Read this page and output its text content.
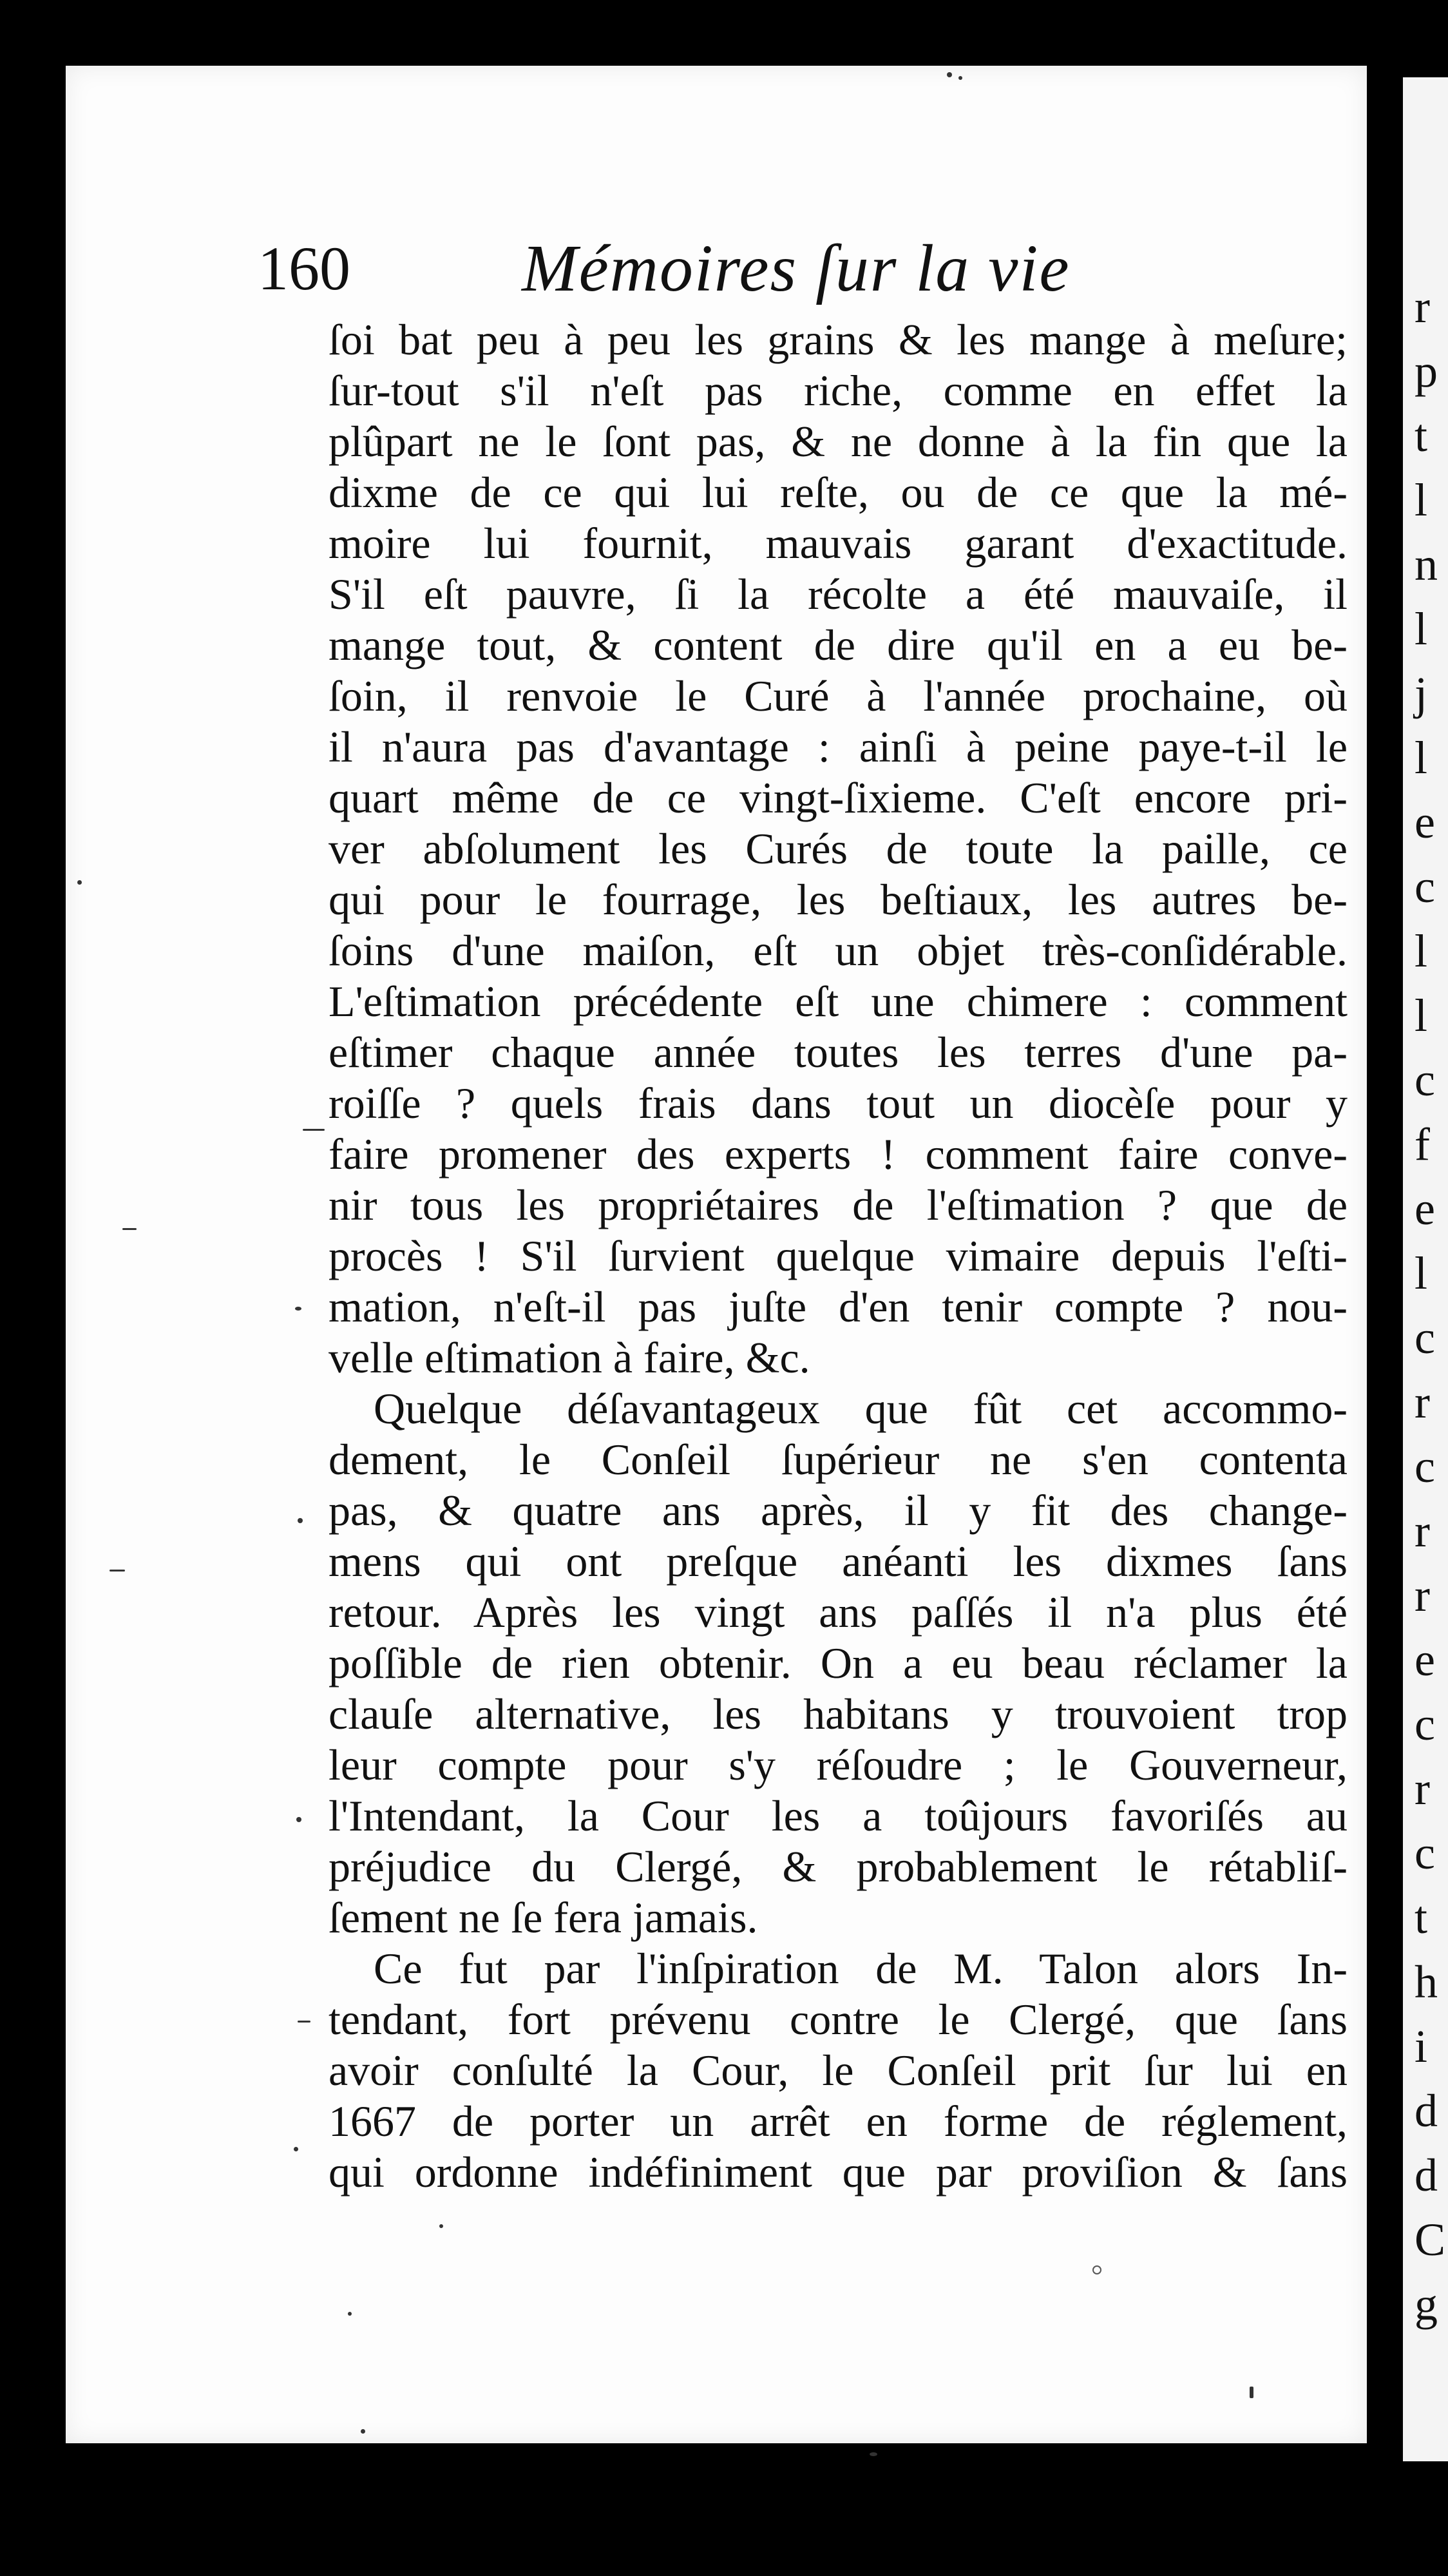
r
p
t
l
n
l
j
l
e
c
l
l
c
f
e
l
c
r
c
r
r
e
c
r
c
t
h
i
d
d
C
g
160	Mémoires ſur la vie
ſoi bat peu à peu les grains & les mange à meſure;
ſur-tout s'il n'eſt pas riche, comme en effet la
plûpart ne le ſont pas, & ne donne à la fin que la
dixme de ce qui lui reſte, ou de ce que la mé-
moire lui fournit, mauvais garant d'exactitude.
S'il eſt pauvre, ſi la récolte a été mauvaiſe, il
mange tout, & content de dire qu'il en a eu be-
ſoin, il renvoie le Curé à l'année prochaine, où
il n'aura pas d'avantage : ainſi à peine paye-t-il le
quart même de ce vingt-ſixieme. C'eſt encore pri-
ver abſolument les Curés de toute la paille, ce
qui pour le fourrage, les beſtiaux, les autres be-
ſoins d'une maiſon, eſt un objet très-conſidérable.
L'eſtimation précédente eſt une chimere : comment
eſtimer chaque année toutes les terres d'une pa-
roiſſe ? quels frais dans tout un diocèſe pour y
faire promener des experts ! comment faire conve-
nir tous les propriétaires de l'eſtimation ? que de
procès ! S'il ſurvient quelque vimaire depuis l'eſti-
mation, n'eſt-il pas juſte d'en tenir compte ? nou-
velle eſtimation à faire, &c.
Quelque déſavantageux que fût cet accommo-
dement, le Conſeil ſupérieur ne s'en contenta
pas, & quatre ans après, il y fit des change-
mens qui ont preſque anéanti les dixmes ſans
retour. Après les vingt ans paſſés il n'a plus été
poſſible de rien obtenir. On a eu beau réclamer la
clauſe alternative, les habitans y trouvoient trop
leur compte pour s'y réſoudre ; le Gouverneur,
l'Intendant, la Cour les a toûjours favoriſés au
préjudice du Clergé, & probablement le rétabliſ-
ſement ne ſe fera jamais.
Ce fut par l'inſpiration de M. Talon alors In-
tendant, fort prévenu contre le Clergé, que ſans
avoir conſulté la Cour, le Conſeil prit ſur lui en
1667 de porter un arrêt en forme de réglement,
qui ordonne indéfiniment que par proviſion & ſans
